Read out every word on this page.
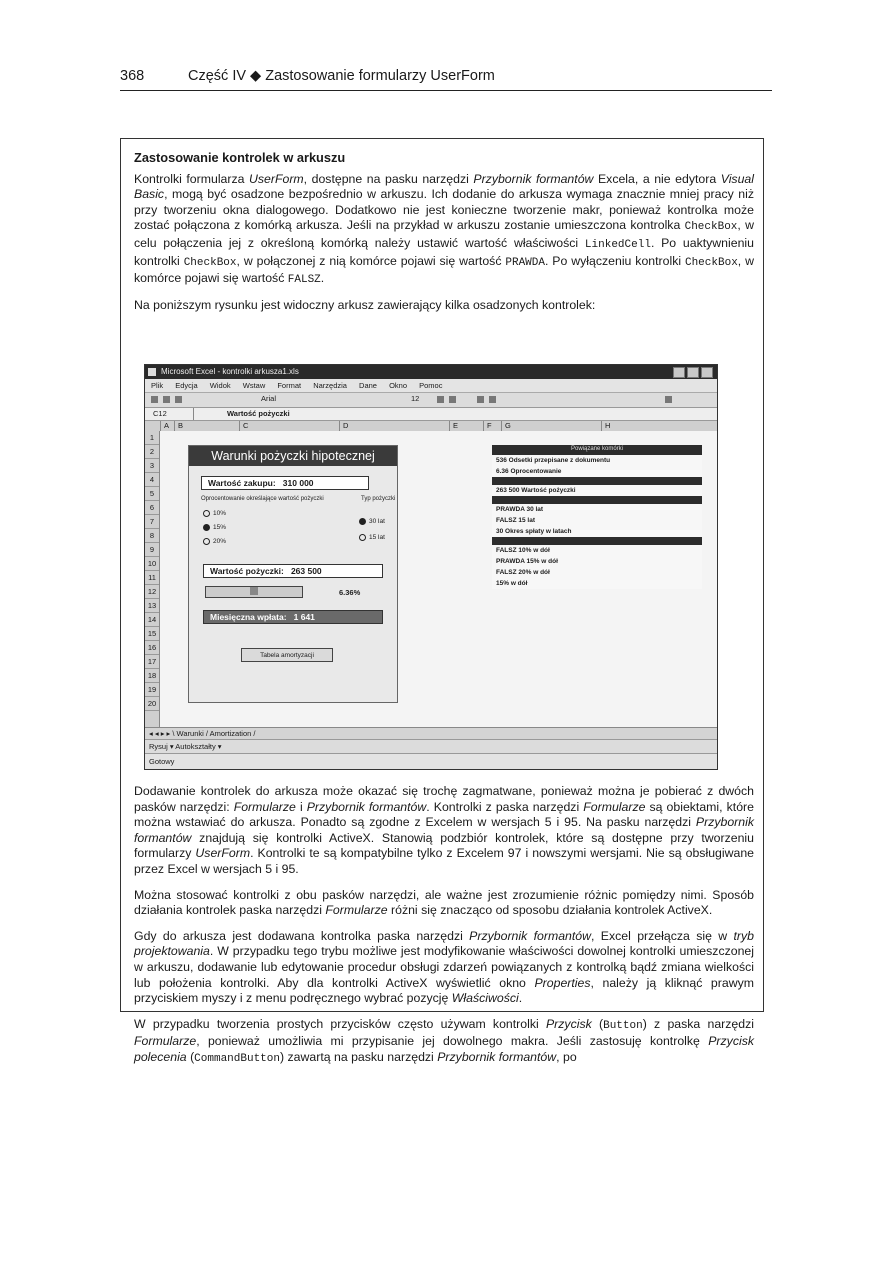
368	Część IV ◆ Zastosowanie formularzy UserForm
Zastosowanie kontrolek w arkuszu

Kontrolki formularza UserForm, dostępne na pasku narzędzi Przybornik formantów Excela, a nie edytora Visual Basic, mogą być osadzone bezpośrednio w arkuszu. Ich dodanie do arkusza wymaga znacznie mniej pracy niż przy tworzeniu okna dialogowego. Dodatkowo nie jest konieczne tworzenie makr, ponieważ kontrolka może zostać połączona z komórką arkusza. Jeśli na przykład w arkuszu zostanie umieszczona kontrolka CheckBox, w celu połączenia jej z określoną komórką należy ustawić wartość właściwości LinkedCell. Po uaktywnieniu kontrolki CheckBox, w połączonej z nią komórce pojawi się wartość PRAWDA. Po wyłączeniu kontrolki CheckBox, w komórce pojawi się wartość FALSZ.

Na poniższym rysunku jest widoczny arkusz zawierający kilka osadzonych kontrolek:

Microsoft Excel - kontrolki arkusza1.xls
Plik Edycja Widok Wstaw Format Narzędzia Dane Okno Pomoc
Arial	12
C12	Wartość pożyczki
A	B	C	D	E	F	G	H
1
2
3
4
5
6
7
8
9
10
11
12
13
14
15
16
17
18
19
20
Warunki pożyczki hipotecznej
Wartość zakupu: 310 000
Oprocentowanie określające wartość pożyczki	Typ pożyczki
10%
15%
20%
30 lat
15 lat
Wartość pożyczki: 263 500
6.36%
Miesięczna wpłata: 1 641
Tabela amortyzacji
Powiązane komórki
536 Odsetki przepisane z dokumentu
6.36 Oprocentowanie
263 500 Wartość pożyczki
PRAWDA 30 lat
FALSZ 15 lat
30 Okres spłaty w latach
FALSZ 10% w dół
PRAWDA 15% w dół
FALSZ 20% w dół
15% w dół
◂ ◂ ▸ ▸ \ Warunki / Amortization /
Rysuj ▾ Autokształty ▾
Gotowy

Dodawanie kontrolek do arkusza może okazać się trochę zagmatwane, ponieważ można je pobierać z dwóch pasków narzędzi: Formularze i Przybornik formantów. Kontrolki z paska narzędzi Formularze są obiektami, które można wstawiać do arkusza. Ponadto są zgodne z Excelem w wersjach 5 i 95. Na pasku narzędzi Przybornik formantów znajdują się kontrolki ActiveX. Stanowią podzbiór kontrolek, które są dostępne przy tworzeniu formularzy UserForm. Kontrolki te są kompatybilne tylko z Excelem 97 i nowszymi wersjami. Nie są obsługiwane przez Excel w wersjach 5 i 95.

Można stosować kontrolki z obu pasków narzędzi, ale ważne jest zrozumienie różnic pomiędzy nimi. Sposób działania kontrolek paska narzędzi Formularze różni się znacząco od sposobu działania kontrolek ActiveX.

Gdy do arkusza jest dodawana kontrolka paska narzędzi Przybornik formantów, Excel przełącza się w tryb projektowania. W przypadku tego trybu możliwe jest modyfikowanie właściwości dowolnej kontrolki umieszczonej w arkuszu, dodawanie lub edytowanie procedur obsługi zdarzeń powiązanych z kontrolką bądź zmiana wielkości lub położenia kontrolki. Aby dla kontrolki ActiveX wyświetlić okno Properties, należy ją kliknąć prawym przyciskiem myszy i z menu podręcznego wybrać pozycję Właściwości.

W przypadku tworzenia prostych przycisków często używam kontrolki Przycisk (Button) z paska narzędzi Formularze, ponieważ umożliwia mi przypisanie jej dowolnego makra. Jeśli zastosuję kontrolkę Przycisk polecenia (CommandButton) zawartą na pasku narzędzi Przybornik formantów, po
